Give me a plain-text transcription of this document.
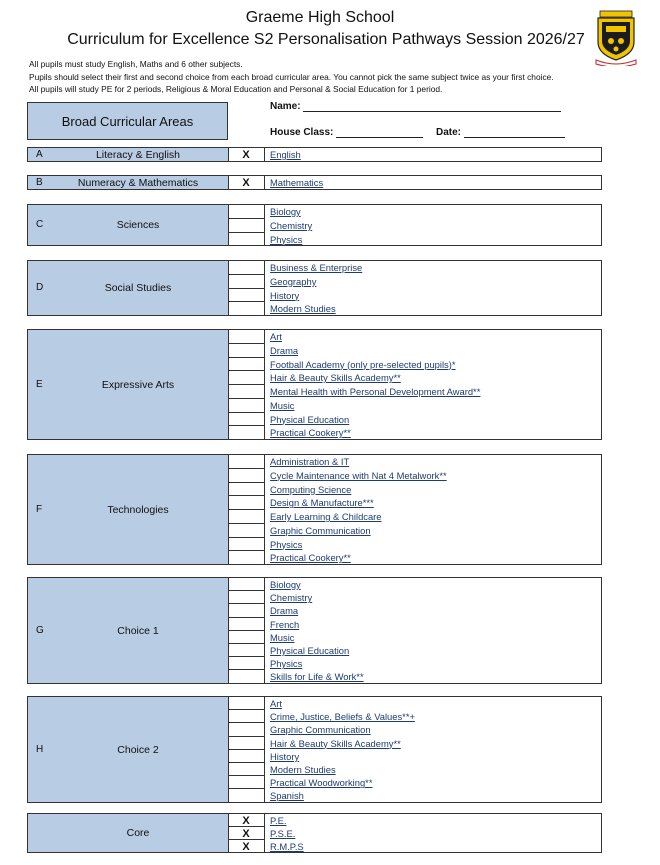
Graeme High School
Curriculum for Excellence S2 Personalisation Pathways Session 2026/27
All pupils must study English, Maths and 6 other subjects.
Pupils should select their first and second choice from each broad curricular area. You cannot pick the same subject twice as your first choice.
All pupils will study PE for 2 periods, Religious & Moral Education and Personal & Social Education for 1 period.
Broad Curricular Areas
Name:
House Class:	Date:
A	Literacy & English	X	English
B	Numeracy & Mathematics	X	Mathematics
C	Sciences
Biology
Chemistry
Physics
D	Social Studies
Business & Enterprise
Geography
History
Modern Studies
E	Expressive Arts
Art
Drama
Football Academy (only pre-selected pupils)*
Hair & Beauty Skills Academy**
Mental Health with Personal Development Award**
Music
Physical Education
Practical Cookery**
F	Technologies
Administration & IT
Cycle Maintenance with Nat 4 Metalwork**
Computing Science
Design & Manufacture***
Early Learning & Childcare
Graphic Communication
Physics
Practical Cookery**
G	Choice 1
Biology
Chemistry
Drama
French
Music
Physical Education
Physics
Skills for Life & Work**
H	Choice 2
Art
Crime, Justice, Beliefs & Values**+
Graphic Communication
Hair & Beauty Skills Academy**
History
Modern Studies
Practical Woodworking**
Spanish
Core
X	P.E.
X	P.S.E.
X	R.M.P.S
